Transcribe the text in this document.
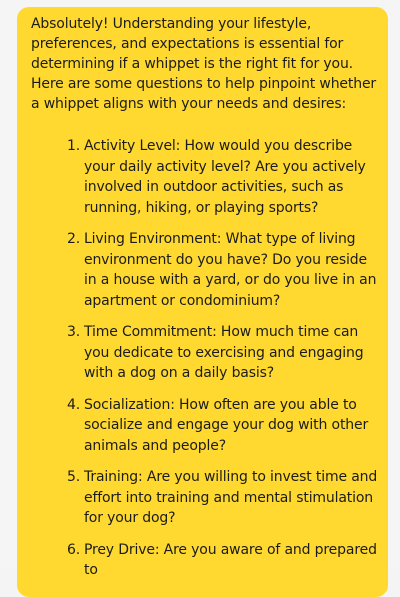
Absolutely! Understanding your lifestyle, preferences, and expectations is essential for determining if a whippet is the right fit for you. Here are some questions to help pinpoint whether a whippet aligns with your needs and desires:

1. Activity Level: How would you describe your daily activity level? Are you actively involved in outdoor activities, such as running, hiking, or playing sports?
2. Living Environment: What type of living environment do you have? Do you reside in a house with a yard, or do you live in an apartment or condominium?
3. Time Commitment: How much time can you dedicate to exercising and engaging with a dog on a daily basis?
4. Socialization: How often are you able to socialize and engage your dog with other animals and people?
5. Training: Are you willing to invest time and effort into training and mental stimulation for your dog?
6. Prey Drive: Are you aware of and prepared to
